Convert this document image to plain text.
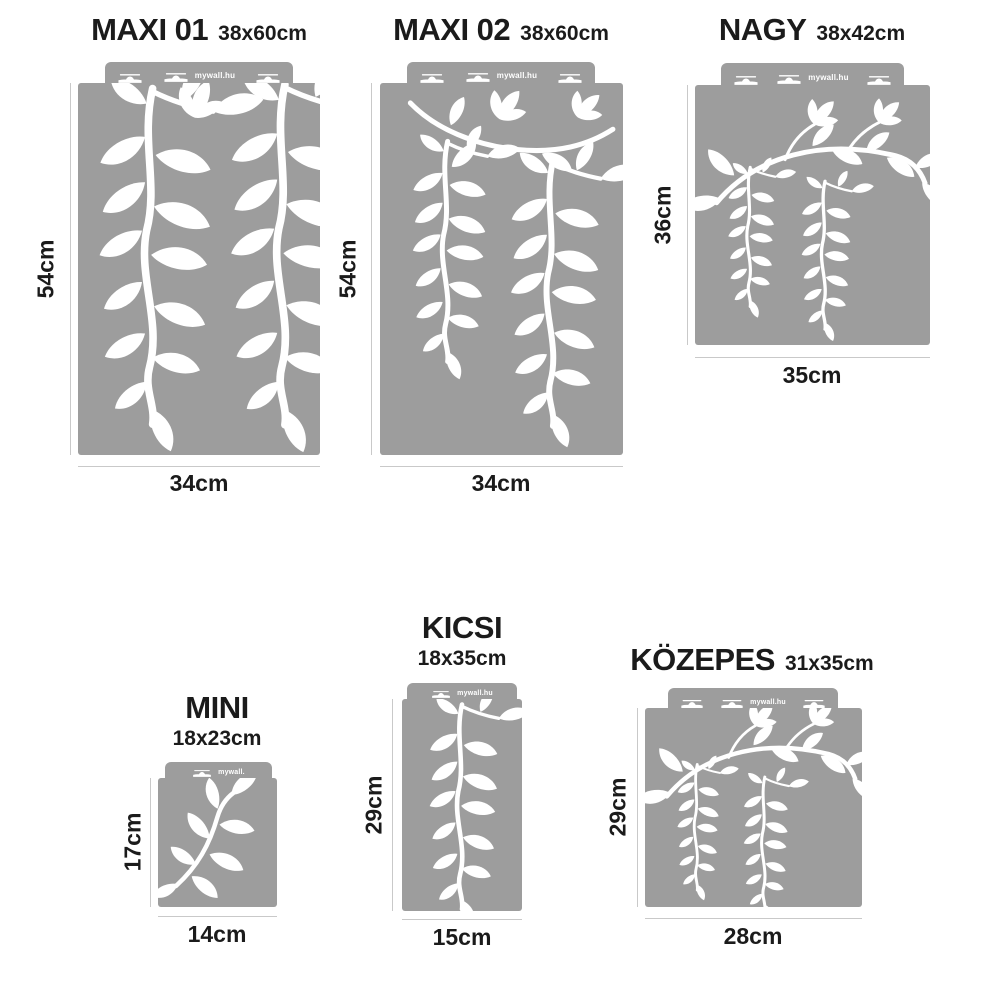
MAXI 01 38x60cm
mywall.hu
54cm
34cm
MAXI 02 38x60cm
mywall.hu
54cm
34cm
NAGY 38x42cm
mywall.hu
36cm
35cm
MINI
18x23cm
mywall.
17cm
14cm
KICSI
18x35cm
mywall.hu
29cm
15cm
KÖZEPES 31x35cm
mywall.hu
29cm
28cm
